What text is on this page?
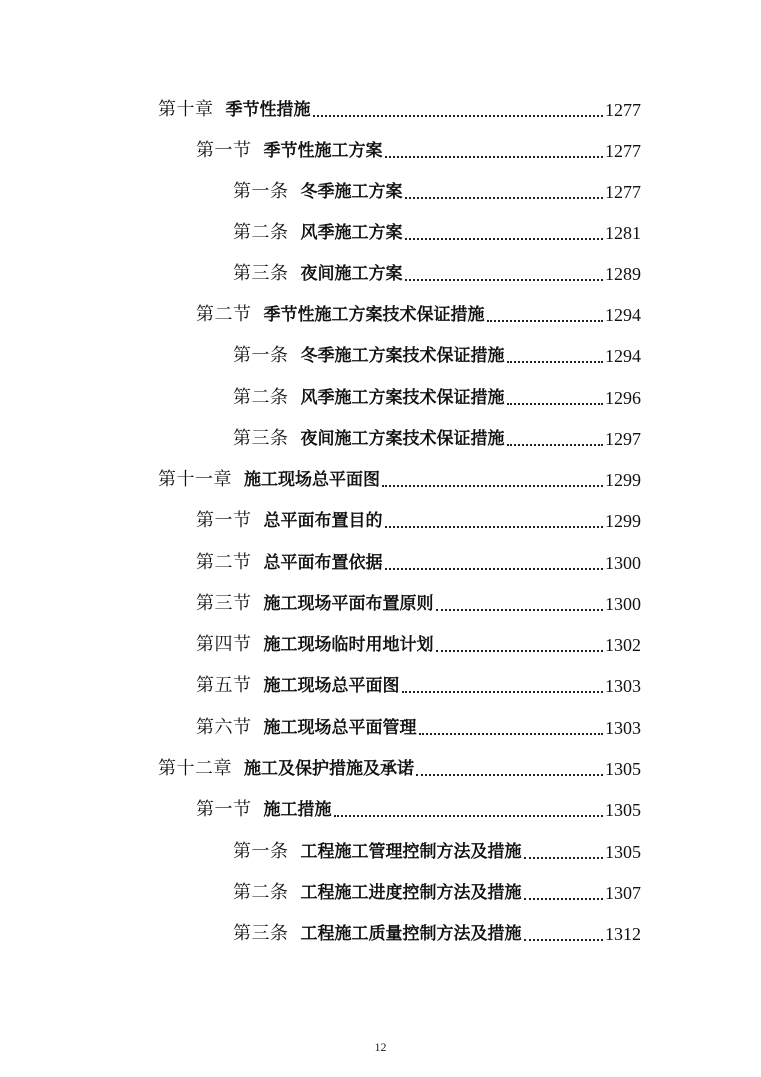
第十章 季节性措施	1277
第一节 季节性施工方案	1277
第一条 冬季施工方案	1277
第二条 风季施工方案	1281
第三条 夜间施工方案	1289
第二节 季节性施工方案技术保证措施	1294
第一条 冬季施工方案技术保证措施	1294
第二条 风季施工方案技术保证措施	1296
第三条 夜间施工方案技术保证措施	1297
第十一章 施工现场总平面图	1299
第一节 总平面布置目的	1299
第二节 总平面布置依据	1300
第三节 施工现场平面布置原则	1300
第四节 施工现场临时用地计划	1302
第五节 施工现场总平面图	1303
第六节 施工现场总平面管理	1303
第十二章 施工及保护措施及承诺	1305
第一节 施工措施	1305
第一条 工程施工管理控制方法及措施	1305
第二条 工程施工进度控制方法及措施	1307
第三条 工程施工质量控制方法及措施	1312
12
